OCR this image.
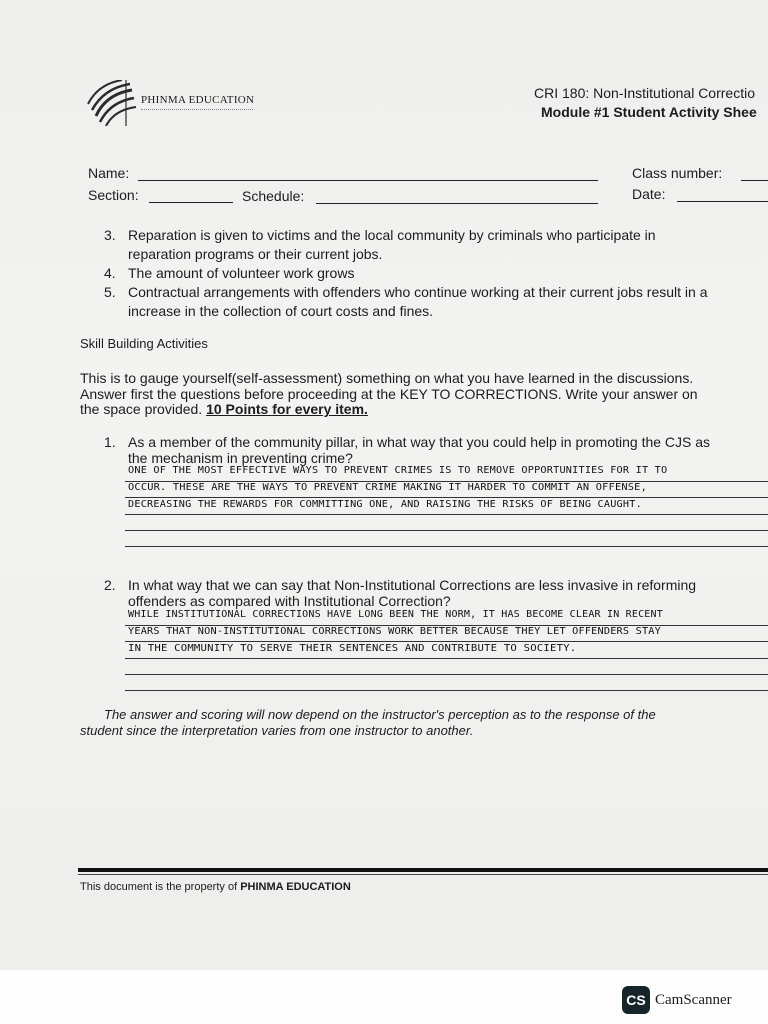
PHINMA EDUCATION	CRI 180: Non-Institutional Correctio
Module #1 Student Activity Shee
Name:	Class number:
Section:	Schedule:	Date:
3. Reparation is given to victims and the local community by criminals who participate in
reparation programs or their current jobs.
4. The amount of volunteer work grows
5. Contractual arrangements with offenders who continue working at their current jobs result in a
increase in the collection of court costs and fines.
Skill Building Activities
This is to gauge yourself(self-assessment) something on what you have learned in the discussions.
Answer first the questions before proceeding at the KEY TO CORRECTIONS. Write your answer on
the space provided. 10 Points for every item.
1. As a member of the community pillar, in what way that you could help in promoting the CJS as
the mechanism in preventing crime?
ONE OF THE MOST EFFECTIVE WAYS TO PREVENT CRIMES IS TO REMOVE OPPORTUNITIES FOR IT TO
OCCUR. THESE ARE THE WAYS TO PREVENT CRIME MAKING IT HARDER TO COMMIT AN OFFENSE,
DECREASING THE REWARDS FOR COMMITTING ONE, AND RAISING THE RISKS OF BEING CAUGHT.
2. In what way that we can say that Non-Institutional Corrections are less invasive in reforming
offenders as compared with Institutional Correction?
WHILE INSTITUTIONAL CORRECTIONS HAVE LONG BEEN THE NORM, IT HAS BECOME CLEAR IN RECENT
YEARS THAT NON-INSTITUTIONAL CORRECTIONS WORK BETTER BECAUSE THEY LET OFFENDERS STAY
IN THE COMMUNITY TO SERVE THEIR SENTENCES AND CONTRIBUTE TO SOCIETY.
The answer and scoring will now depend on the instructor's perception as to the response of the
student since the interpretation varies from one instructor to another.
This document is the property of PHINMA EDUCATION
CS CamScanner
